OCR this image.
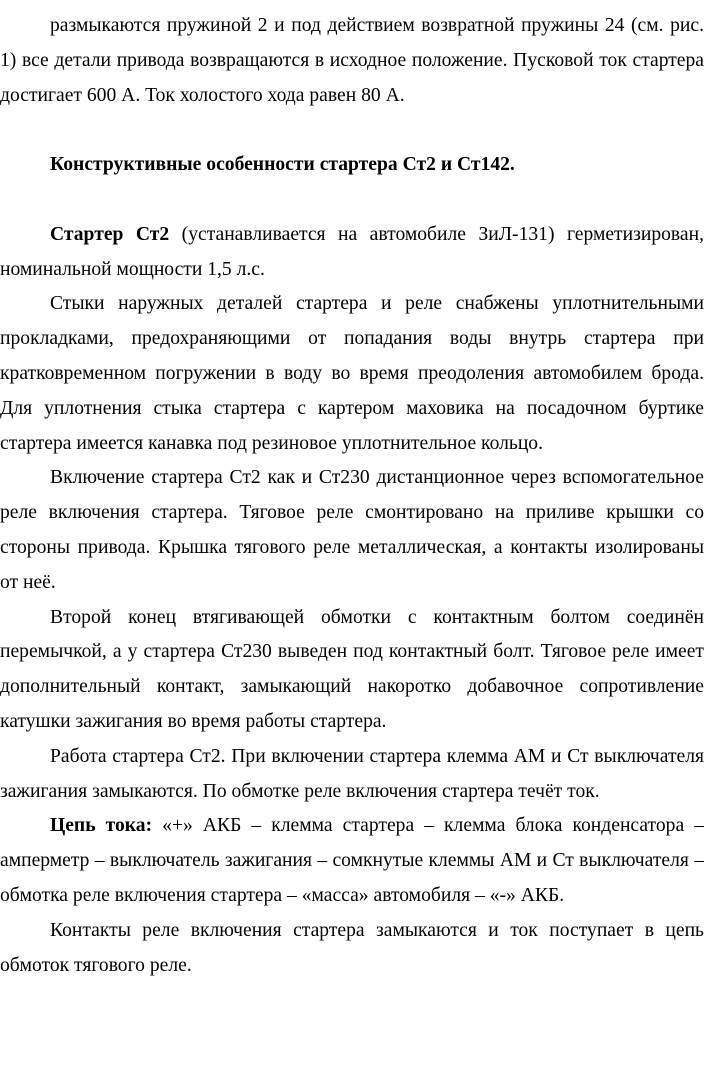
размыкаются пружиной 2 и под действием возвратной пружины 24 (см. рис. 1) все детали привода возвращаются в исходное положение. Пусковой ток стартера достигает 600 А. Ток холостого хода равен 80 А.

Конструктивные особенности стартера Ст2 и Ст142.

Стартер Ст2 (устанавливается на автомобиле ЗиЛ-131) герметизирован, номинальной мощности 1,5 л.с.

Стыки наружных деталей стартера и реле снабжены уплотнительными прокладками, предохраняющими от попадания воды внутрь стартера при кратковременном погружении в воду во время преодоления автомобилем брода. Для уплотнения стыка стартера с картером маховика на посадочном буртике стартера имеется канавка под резиновое уплотнительное кольцо.

Включение стартера Ст2 как и Ст230 дистанционное через вспомогательное реле включения стартера. Тяговое реле смонтировано на приливе крышки со стороны привода. Крышка тягового реле металлическая, а контакты изолированы от неё.

Второй конец втягивающей обмотки с контактным болтом соединён перемычкой, а у стартера Ст230 выведен под контактный болт. Тяговое реле имеет дополнительный контакт, замыкающий накоротко добавочное сопротивление катушки зажигания во время работы стартера.

Работа стартера Ст2. При включении стартера клемма АМ и Ст выключателя зажигания замыкаются. По обмотке реле включения стартера течёт ток.

Цепь тока: «+» АКБ – клемма стартера – клемма блока конденсатора – амперметр – выключатель зажигания – сомкнутые клеммы АМ и Ст выключателя – обмотка реле включения стартера – «масса» автомобиля – «-» АКБ.

Контакты реле включения стартера замыкаются и ток поступает в цепь обмоток тягового реле.
